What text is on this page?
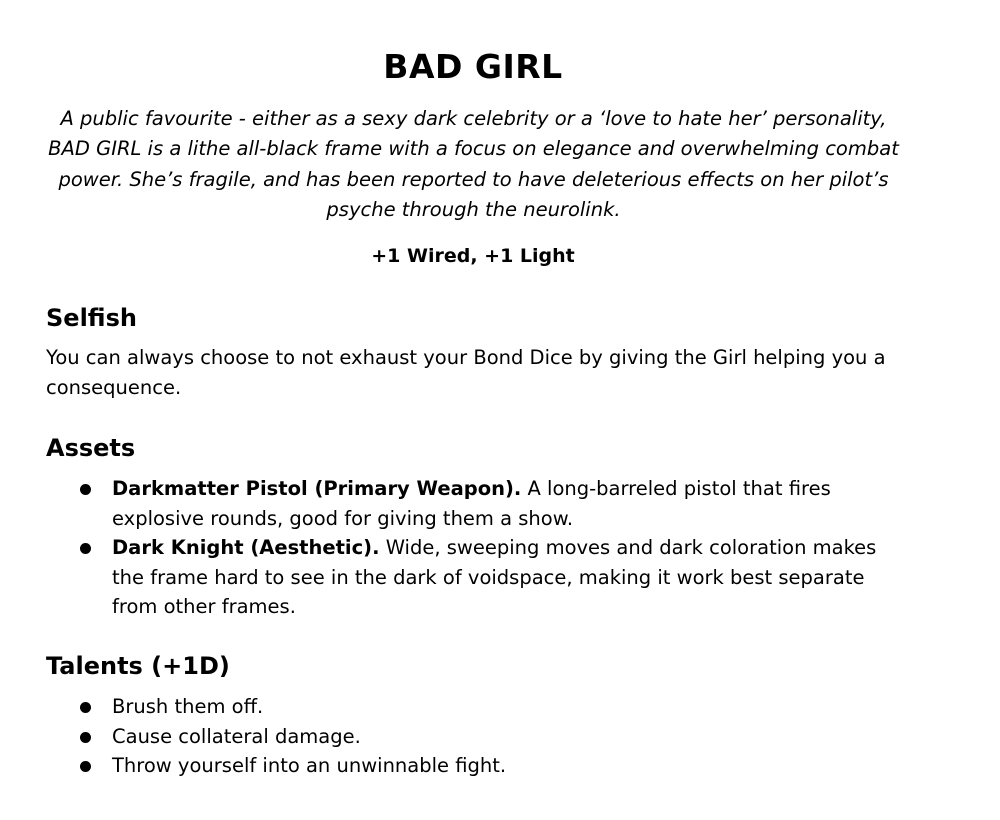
BAD GIRL

A public favourite - either as a sexy dark celebrity or a ‘love to hate her’ personality, BAD GIRL is a lithe all-black frame with a focus on elegance and overwhelming combat power. She’s fragile, and has been reported to have deleterious effects on her pilot’s psyche through the neurolink.

+1 Wired, +1 Light

Selfish

You can always choose to not exhaust your Bond Dice by giving the Girl helping you a consequence.

Assets
Darkmatter Pistol (Primary Weapon). A long-barreled pistol that fires explosive rounds, good for giving them a show.
Dark Knight (Aesthetic). Wide, sweeping moves and dark coloration makes the frame hard to see in the dark of voidspace, making it work best separate from other frames.
Talents (+1D)
Brush them off.
Cause collateral damage.
Throw yourself into an unwinnable fight.
